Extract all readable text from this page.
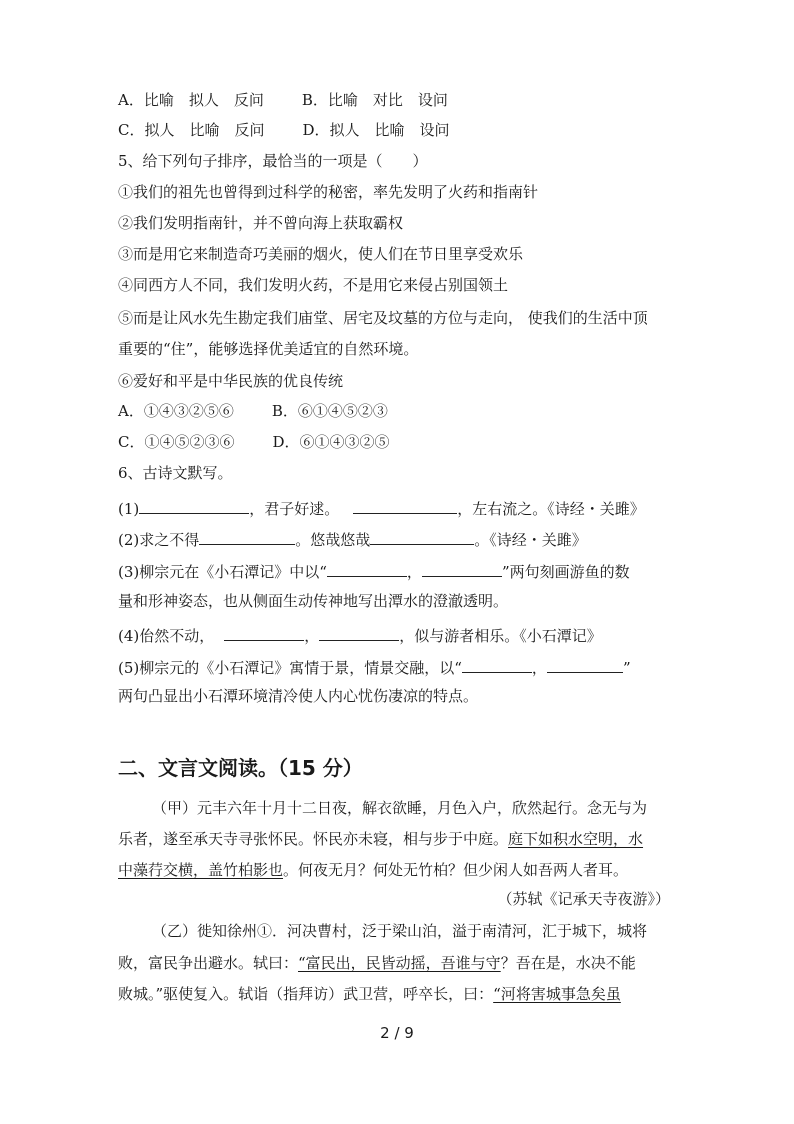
A．比喻　拟人　反问	B．比喻　对比　设问
C．拟人　比喻　反问	D．拟人　比喻　设问
5、给下列句子排序，最恰当的一项是（　　）
①我们的祖先也曾得到过科学的秘密，率先发明了火药和指南针
②我们发明指南针，并不曾向海上获取霸权
③而是用它来制造奇巧美丽的烟火，使人们在节日里享受欢乐
④同西方人不同，我们发明火药，不是用它来侵占别国领土
⑤而是让风水先生勘定我们庙堂、居宅及坟墓的方位与走向， 使我们的生活中顶
重要的“住”，能够选择优美适宜的自然环境。
⑥爱好和平是中华民族的优良传统
A．①④③②⑤⑥	B．⑥①④⑤②③
C．①④⑤②③⑥	D．⑥①④③②⑤
6、古诗文默写。
(1)	，君子好逑。	，左右流之。《诗经・关雎》
(2)求之不得	。悠哉悠哉	。《诗经・关雎》
(3)柳宗元在《小石潭记》中以“	，	”两句刻画游鱼的数
量和形神姿态，也从侧面生动传神地写出潭水的澄澈透明。
(4)佁然不动，	，	，似与游者相乐。《小石潭记》
(5)柳宗元的《小石潭记》寓情于景，情景交融，以“	，	”
两句凸显出小石潭环境清冷使人内心忧伤凄凉的特点。
二、文言文阅读。（15 分）
（甲）元丰六年十月十二日夜，解衣欲睡，月色入户，欣然起行。念无与为
乐者，遂至承天寺寻张怀民。怀民亦未寝，相与步于中庭。庭下如积水空明，水
中藻荇交横，盖竹柏影也。何夜无月？何处无竹柏？但少闲人如吾两人者耳。
（苏轼《记承天寺夜游》）
（乙）徙知徐州①．河决曹村，泛于梁山泊，溢于南清河，汇于城下，城将
败，富民争出避水。轼曰：“富民出，民皆动摇，吾谁与守？吾在是，水决不能
败城。”驱使复入。轼诣（指拜访）武卫营，呼卒长，曰：“河将害城事急矣虽
2 / 9
